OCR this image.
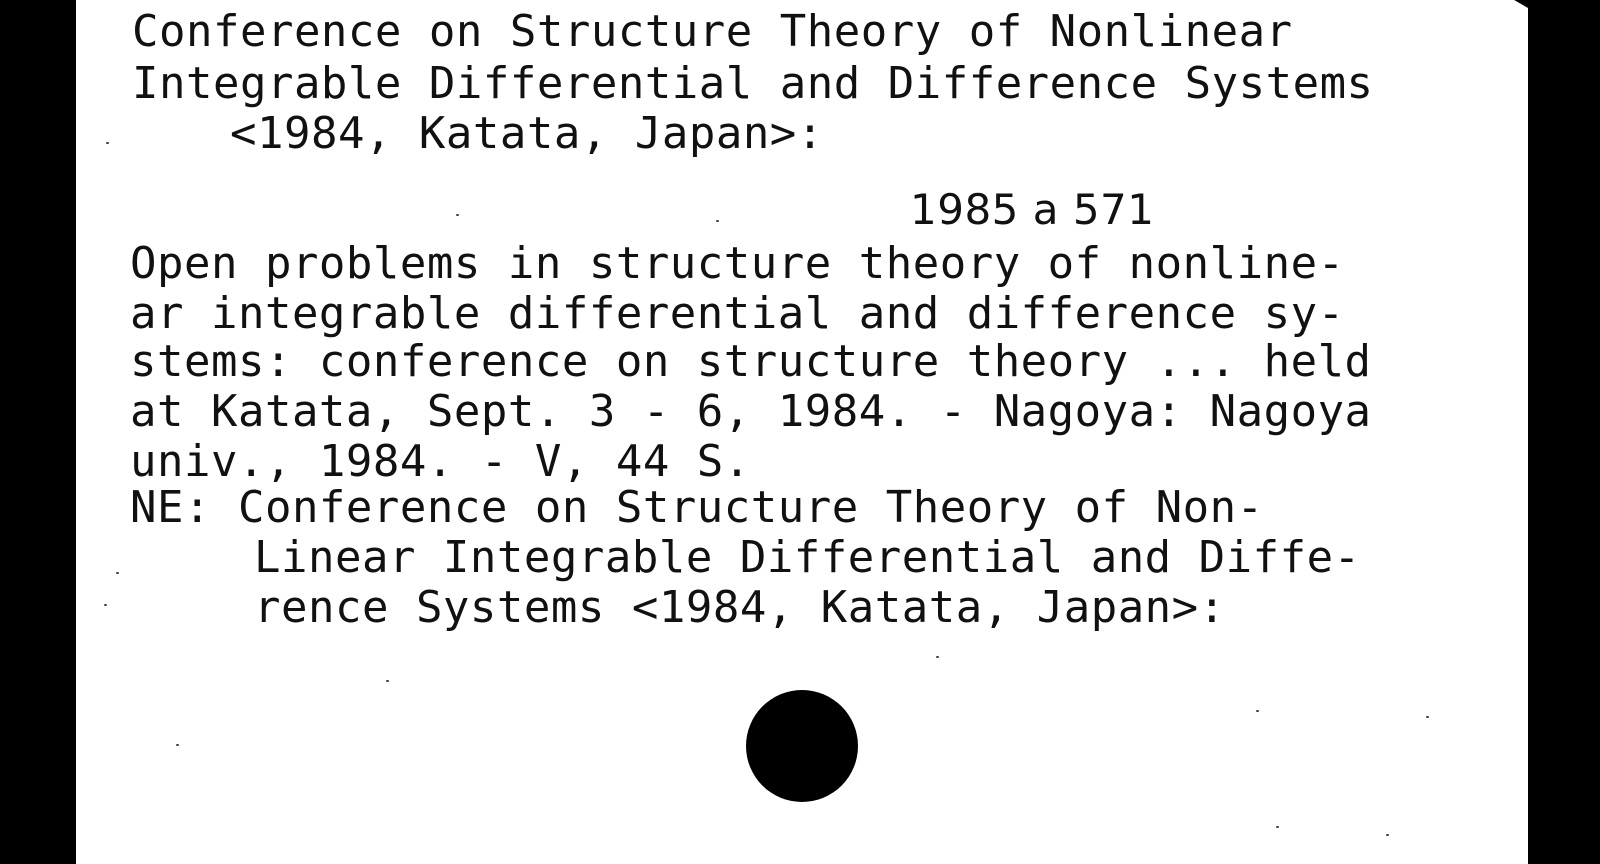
Conference on Structure Theory of Nonlinear
Integrable Differential and Difference Systems
<1984, Katata, Japan>:
1985 a 571
Open problems in structure theory of nonline-
ar integrable differential and difference sy-
stems: conference on structure theory ... held
at Katata, Sept. 3 - 6, 1984. - Nagoya: Nagoya
univ., 1984. - V, 44 S.
NE: Conference on Structure Theory of Non-
Linear Integrable Differential and Diffe-
rence Systems <1984, Katata, Japan>:
